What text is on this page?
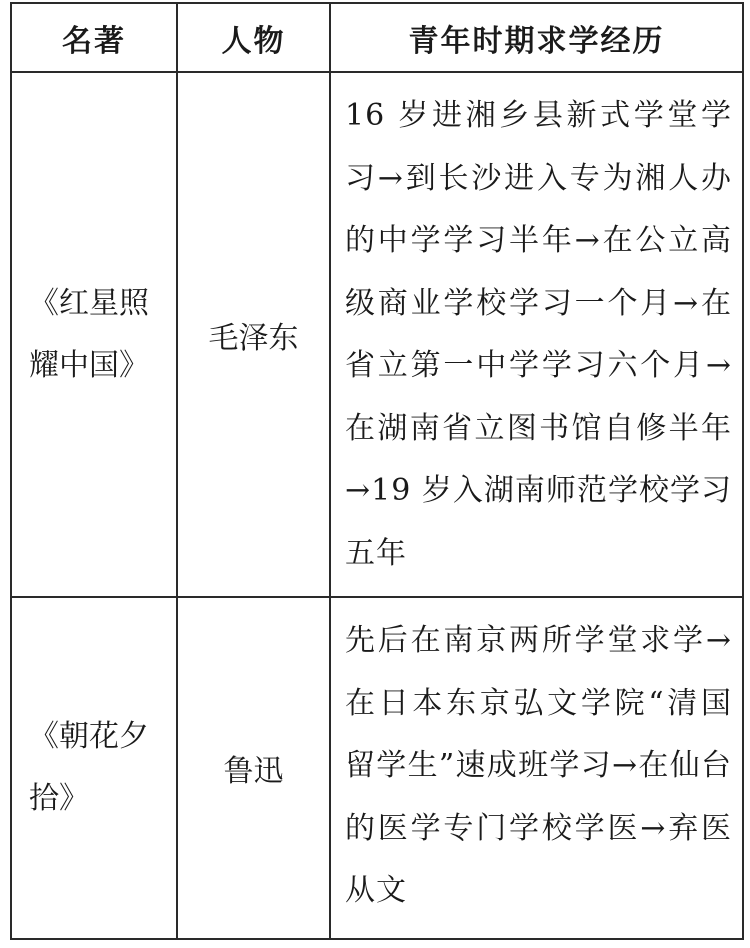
名著	人物	青年时期求学经历
《红星照耀中国》
毛泽东
16 岁进湘乡县新式学堂学习→到长沙进入专为湘人办的中学学习半年→在公立高级商业学校学习一个月→在省立第一中学学习六个月→在湖南省立图书馆自修半年→19 岁入湖南师范学校学习五年
《朝花夕拾》
鲁迅
先后在南京两所学堂求学→在日本东京弘文学院“清国留学生”速成班学习→在仙台的医学专门学校学医→弃医从文
